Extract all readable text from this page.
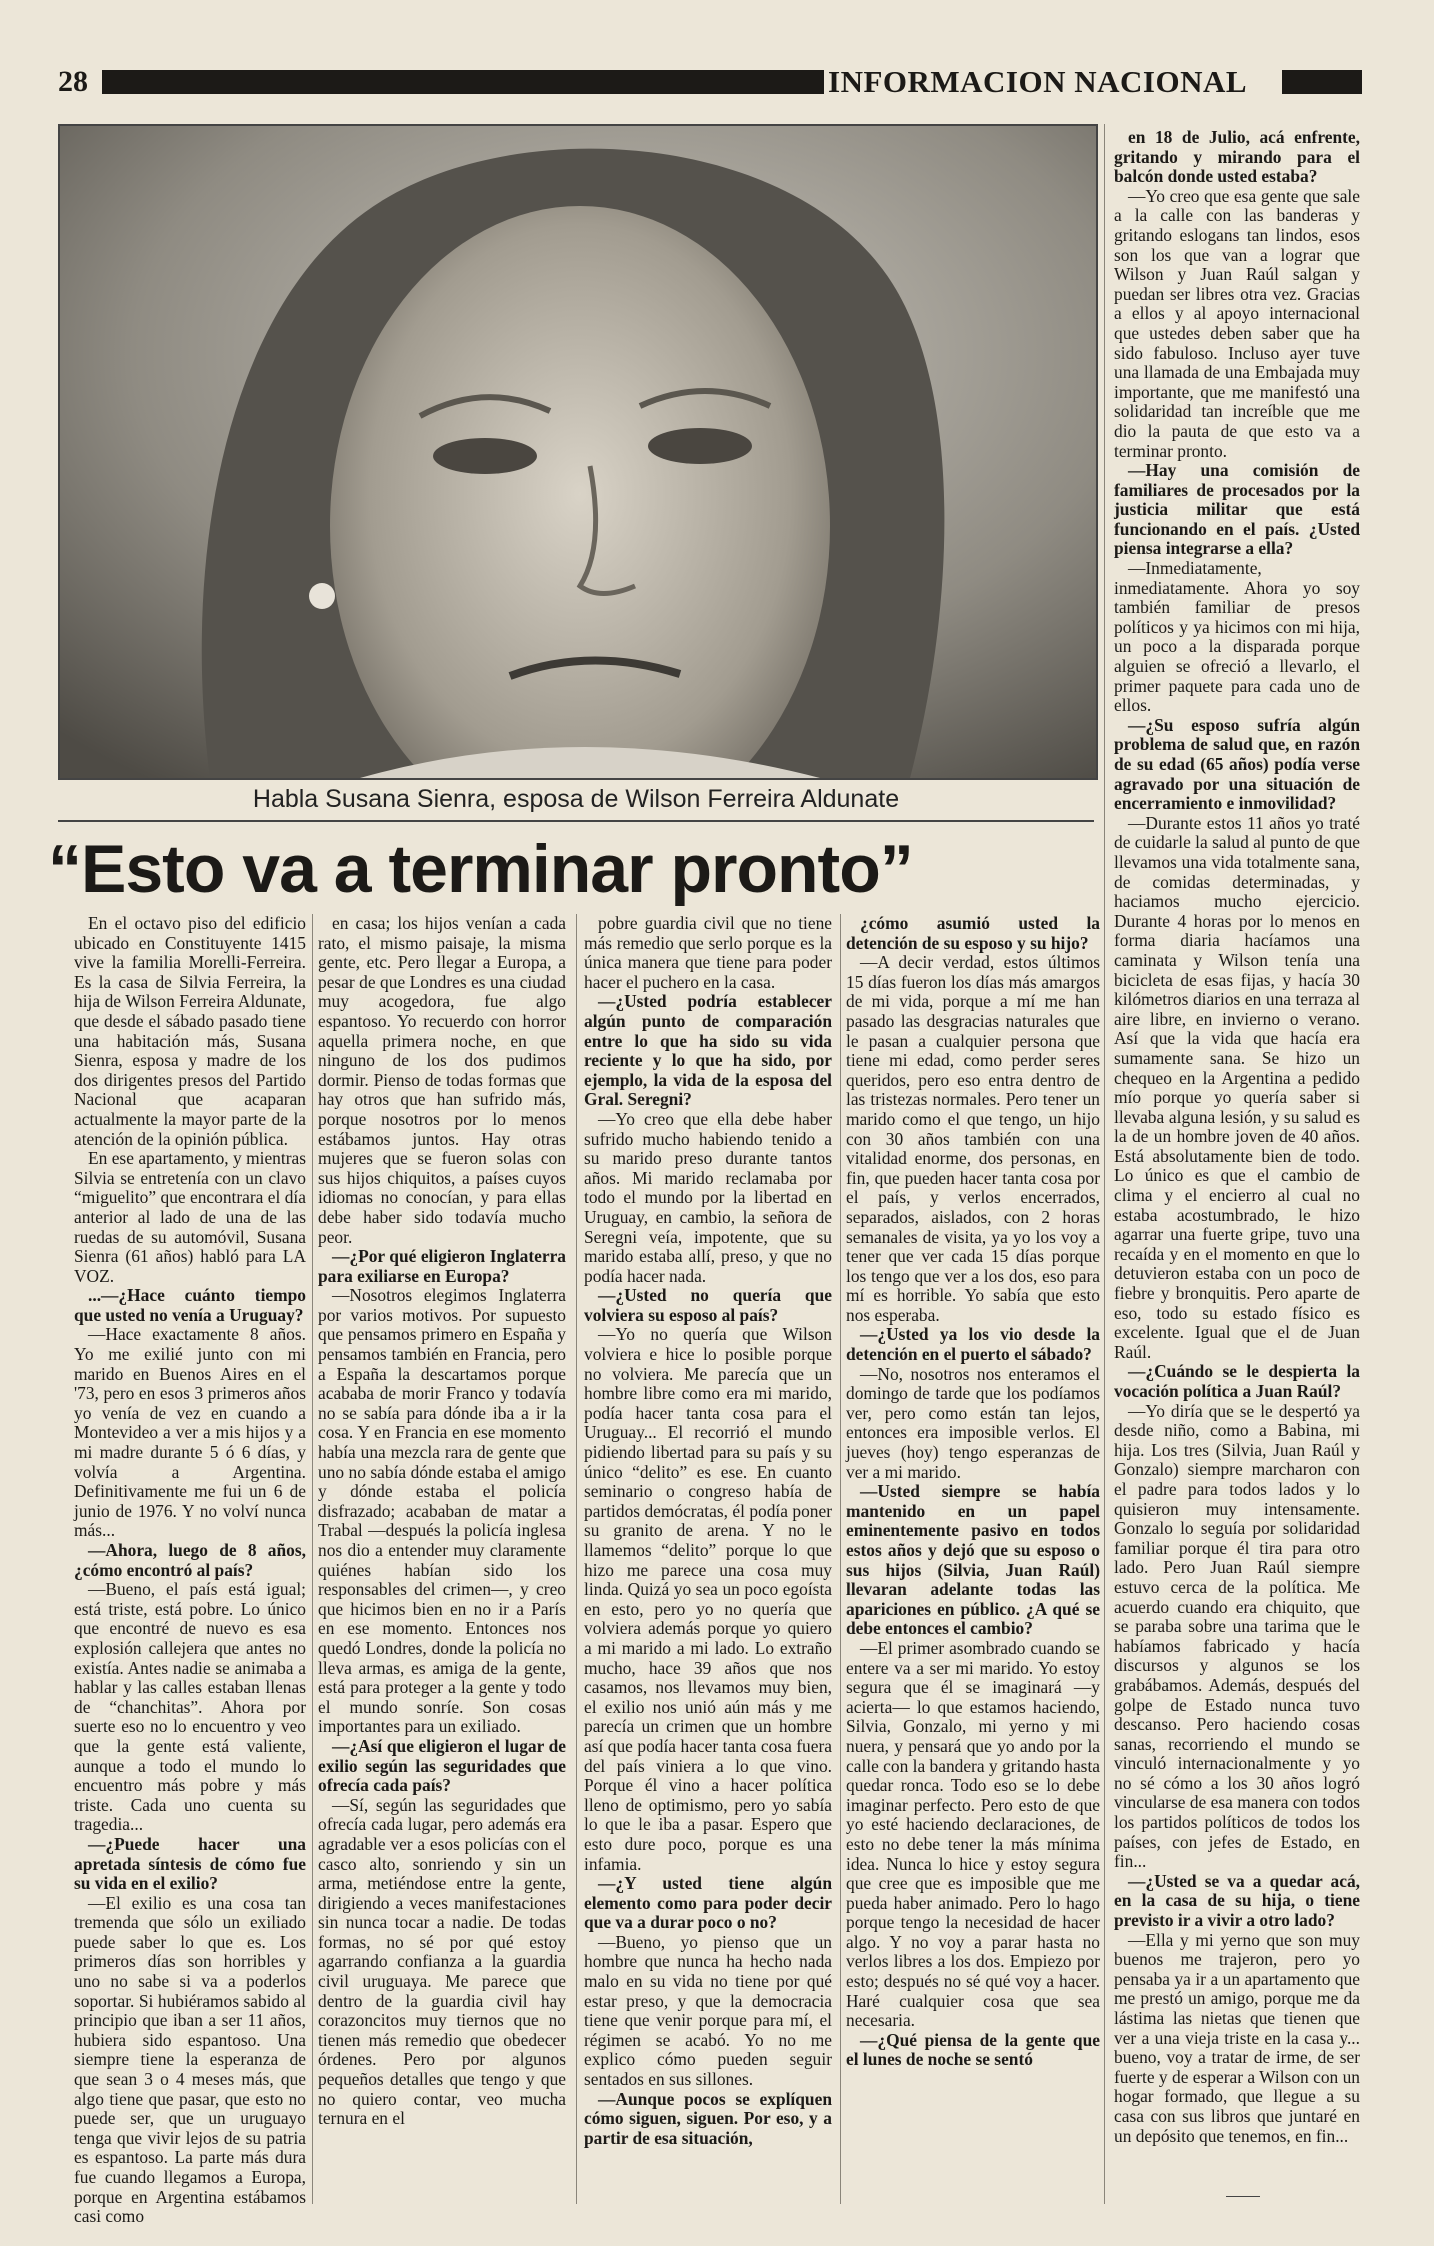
28	INFORMACION NACIONAL
Habla Susana Sienra, esposa de Wilson Ferreira Aldunate
“Esto va a terminar pronto”

En el octavo piso del edificio ubicado en Constituyente 1415 vive la familia Morelli-Ferreira. Es la casa de Silvia Ferreira, la hija de Wilson Ferreira Aldunate, que desde el sábado pasado tiene una habitación más, Susana Sienra, esposa y madre de los dos dirigentes presos del Partido Nacional que acaparan actualmente la mayor parte de la atención de la opinión pública.

En ese apartamento, y mientras Silvia se entretenía con un clavo “miguelito” que encontrara el día anterior al lado de una de las ruedas de su automóvil, Susana Sienra (61 años) habló para LA VOZ.

...—¿Hace cuánto tiempo que usted no venía a Uruguay?

—Hace exactamente 8 años. Yo me exilié junto con mi marido en Buenos Aires en el '73, pero en esos 3 primeros años yo venía de vez en cuando a Montevideo a ver a mis hijos y a mi madre durante 5 ó 6 días, y volvía a Argentina. Definitivamente me fui un 6 de junio de 1976. Y no volví nunca más...

—Ahora, luego de 8 años, ¿cómo encontró al país?

—Bueno, el país está igual; está triste, está pobre. Lo único que encontré de nuevo es esa explosión callejera que antes no existía. Antes nadie se animaba a hablar y las calles estaban llenas de “chanchitas”. Ahora por suerte eso no lo encuentro y veo que la gente está valiente, aunque a todo el mundo lo encuentro más pobre y más triste. Cada uno cuenta su tragedia...

—¿Puede hacer una apretada síntesis de cómo fue su vida en el exilio?

—El exilio es una cosa tan tremenda que sólo un exiliado puede saber lo que es. Los primeros días son horribles y uno no sabe si va a poderlos soportar. Si hubiéramos sabido al principio que iban a ser 11 años, hubiera sido espantoso. Una siempre tiene la esperanza de que sean 3 o 4 meses más, que algo tiene que pasar, que esto no puede ser, que un uruguayo tenga que vivir lejos de su patria es espantoso. La parte más dura fue cuando llegamos a Europa, porque en Argentina estábamos casi como

en casa; los hijos venían a cada rato, el mismo paisaje, la misma gente, etc. Pero llegar a Europa, a pesar de que Londres es una ciudad muy acogedora, fue algo espantoso. Yo recuerdo con horror aquella primera noche, en que ninguno de los dos pudimos dormir. Pienso de todas formas que hay otros que han sufrido más, porque nosotros por lo menos estábamos juntos. Hay otras mujeres que se fueron solas con sus hijos chiquitos, a países cuyos idiomas no conocían, y para ellas debe haber sido todavía mucho peor.

—¿Por qué eligieron Inglaterra para exiliarse en Europa?

—Nosotros elegimos Inglaterra por varios motivos. Por supuesto que pensamos primero en España y pensamos también en Francia, pero a España la descartamos porque acababa de morir Franco y todavía no se sabía para dónde iba a ir la cosa. Y en Francia en ese momento había una mezcla rara de gente que uno no sabía dónde estaba el amigo y dónde estaba el policía disfrazado; acababan de matar a Trabal —después la policía inglesa nos dio a entender muy claramente quiénes habían sido los responsables del crimen—, y creo que hicimos bien en no ir a París en ese momento. Entonces nos quedó Londres, donde la policía no lleva armas, es amiga de la gente, está para proteger a la gente y todo el mundo sonríe. Son cosas importantes para un exiliado.

—¿Así que eligieron el lugar de exilio según las seguridades que ofrecía cada país?

—Sí, según las seguridades que ofrecía cada lugar, pero además era agradable ver a esos policías con el casco alto, sonriendo y sin un arma, metiéndose entre la gente, dirigiendo a veces manifestaciones sin nunca tocar a nadie. De todas formas, no sé por qué estoy agarrando confianza a la guardia civil uruguaya. Me parece que dentro de la guardia civil hay corazoncitos muy tiernos que no tienen más remedio que obedecer órdenes. Pero por algunos pequeños detalles que tengo y que no quiero contar, veo mucha ternura en el

pobre guardia civil que no tiene más remedio que serlo porque es la única manera que tiene para poder hacer el puchero en la casa.

—¿Usted podría establecer algún punto de comparación entre lo que ha sido su vida reciente y lo que ha sido, por ejemplo, la vida de la esposa del Gral. Seregni?

—Yo creo que ella debe haber sufrido mucho habiendo tenido a su marido preso durante tantos años. Mi marido reclamaba por todo el mundo por la libertad en Uruguay, en cambio, la señora de Seregni veía, impotente, que su marido estaba allí, preso, y que no podía hacer nada.

—¿Usted no quería que volviera su esposo al país?

—Yo no quería que Wilson volviera e hice lo posible porque no volviera. Me parecía que un hombre libre como era mi marido, podía hacer tanta cosa para el Uruguay... El recorrió el mundo pidiendo libertad para su país y su único “delito” es ese. En cuanto seminario o congreso había de partidos demócratas, él podía poner su granito de arena. Y no le llamemos “delito” porque lo que hizo me parece una cosa muy linda. Quizá yo sea un poco egoísta en esto, pero yo no quería que volviera además porque yo quiero a mi marido a mi lado. Lo extraño mucho, hace 39 años que nos casamos, nos llevamos muy bien, el exilio nos unió aún más y me parecía un crimen que un hombre así que podía hacer tanta cosa fuera del país viniera a lo que vino. Porque él vino a hacer política lleno de optimismo, pero yo sabía lo que le iba a pasar. Espero que esto dure poco, porque es una infamia.

—¿Y usted tiene algún elemento como para poder decir que va a durar poco o no?

—Bueno, yo pienso que un hombre que nunca ha hecho nada malo en su vida no tiene por qué estar preso, y que la democracia tiene que venir porque para mí, el régimen se acabó. Yo no me explico cómo pueden seguir sentados en sus sillones.

—Aunque pocos se explíquen cómo siguen, siguen. Por eso, y a partir de esa situación,

¿cómo asumió usted la detención de su esposo y su hijo?

—A decir verdad, estos últimos 15 días fueron los días más amargos de mi vida, porque a mí me han pasado las desgracias naturales que le pasan a cualquier persona que tiene mi edad, como perder seres queridos, pero eso entra dentro de las tristezas normales. Pero tener un marido como el que tengo, un hijo con 30 años también con una vitalidad enorme, dos personas, en fin, que pueden hacer tanta cosa por el país, y verlos encerrados, separados, aislados, con 2 horas semanales de visita, ya yo los voy a tener que ver cada 15 días porque los tengo que ver a los dos, eso para mí es horrible. Yo sabía que esto nos esperaba.

—¿Usted ya los vio desde la detención en el puerto el sábado?

—No, nosotros nos enteramos el domingo de tarde que los podíamos ver, pero como están tan lejos, entonces era imposible verlos. El jueves (hoy) tengo esperanzas de ver a mi marido.

—Usted siempre se había mantenido en un papel eminentemente pasivo en todos estos años y dejó que su esposo o sus hijos (Silvia, Juan Raúl) llevaran adelante todas las apariciones en público. ¿A qué se debe entonces el cambio?

—El primer asombrado cuando se entere va a ser mi marido. Yo estoy segura que él se imaginará —y acierta— lo que estamos haciendo, Silvia, Gonzalo, mi yerno y mi nuera, y pensará que yo ando por la calle con la bandera y gritando hasta quedar ronca. Todo eso se lo debe imaginar perfecto. Pero esto de que yo esté haciendo declaraciones, de esto no debe tener la más mínima idea. Nunca lo hice y estoy segura que cree que es imposible que me pueda haber animado. Pero lo hago porque tengo la necesidad de hacer algo. Y no voy a parar hasta no verlos libres a los dos. Empiezo por esto; después no sé qué voy a hacer. Haré cualquier cosa que sea necesaria.

—¿Qué piensa de la gente que el lunes de noche se sentó

en 18 de Julio, acá enfrente, gritando y mirando para el balcón donde usted estaba?

—Yo creo que esa gente que sale a la calle con las banderas y gritando eslogans tan lindos, esos son los que van a lograr que Wilson y Juan Raúl salgan y puedan ser libres otra vez. Gracias a ellos y al apoyo internacional que ustedes deben saber que ha sido fabuloso. Incluso ayer tuve una llamada de una Embajada muy importante, que me manifestó una solidaridad tan increíble que me dio la pauta de que esto va a terminar pronto.

—Hay una comisión de familiares de procesados por la justicia militar que está funcionando en el país. ¿Usted piensa integrarse a ella?

—Inmediatamente, inmediatamente. Ahora yo soy también familiar de presos políticos y ya hicimos con mi hija, un poco a la disparada porque alguien se ofreció a llevarlo, el primer paquete para cada uno de ellos.

—¿Su esposo sufría algún problema de salud que, en razón de su edad (65 años) podía verse agravado por una situación de encerramiento e inmovilidad?

—Durante estos 11 años yo traté de cuidarle la salud al punto de que llevamos una vida totalmente sana, de comidas determinadas, y haciamos mucho ejercicio. Durante 4 horas por lo menos en forma diaria hacíamos una caminata y Wilson tenía una bicicleta de esas fijas, y hacía 30 kilómetros diarios en una terraza al aire libre, en invierno o verano. Así que la vida que hacía era sumamente sana. Se hizo un chequeo en la Argentina a pedido mío porque yo quería saber si llevaba alguna lesión, y su salud es la de un hombre joven de 40 años. Está absolutamente bien de todo. Lo único es que el cambio de clima y el encierro al cual no estaba acostumbrado, le hizo agarrar una fuerte gripe, tuvo una recaída y en el momento en que lo detuvieron estaba con un poco de fiebre y bronquitis. Pero aparte de eso, todo su estado físico es excelente. Igual que el de Juan Raúl.

—¿Cuándo se le despierta la vocación política a Juan Raúl?

—Yo diría que se le despertó ya desde niño, como a Babina, mi hija. Los tres (Silvia, Juan Raúl y Gonzalo) siempre marcharon con el padre para todos lados y lo quisieron muy intensamente. Gonzalo lo seguía por solidaridad familiar porque él tira para otro lado. Pero Juan Raúl siempre estuvo cerca de la política. Me acuerdo cuando era chiquito, que se paraba sobre una tarima que le habíamos fabricado y hacía discursos y algunos se los grabábamos. Además, después del golpe de Estado nunca tuvo descanso. Pero haciendo cosas sanas, recorriendo el mundo se vinculó internacionalmente y yo no sé cómo a los 30 años logró vincularse de esa manera con todos los partidos políticos de todos los países, con jefes de Estado, en fin...

—¿Usted se va a quedar acá, en la casa de su hija, o tiene previsto ir a vivir a otro lado?

—Ella y mi yerno que son muy buenos me trajeron, pero yo pensaba ya ir a un apartamento que me prestó un amigo, porque me da lástima las nietas que tienen que ver a una vieja triste en la casa y... bueno, voy a tratar de irme, de ser fuerte y de esperar a Wilson con un hogar formado, que llegue a su casa con sus libros que juntaré en un depósito que tenemos, en fin...
